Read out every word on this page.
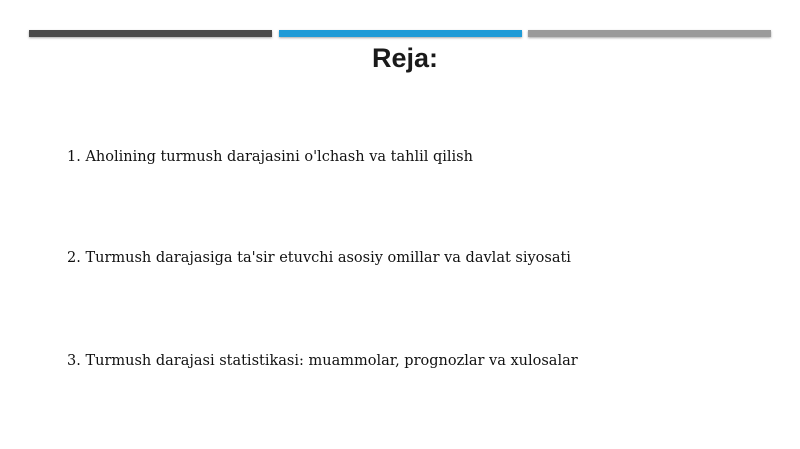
Reja:
1. Aholining turmush darajasini o'lchash va tahlil qilish
2. Turmush darajasiga ta'sir etuvchi asosiy omillar va davlat siyosati
3. Turmush darajasi statistikasi: muammolar, prognozlar va xulosalar
